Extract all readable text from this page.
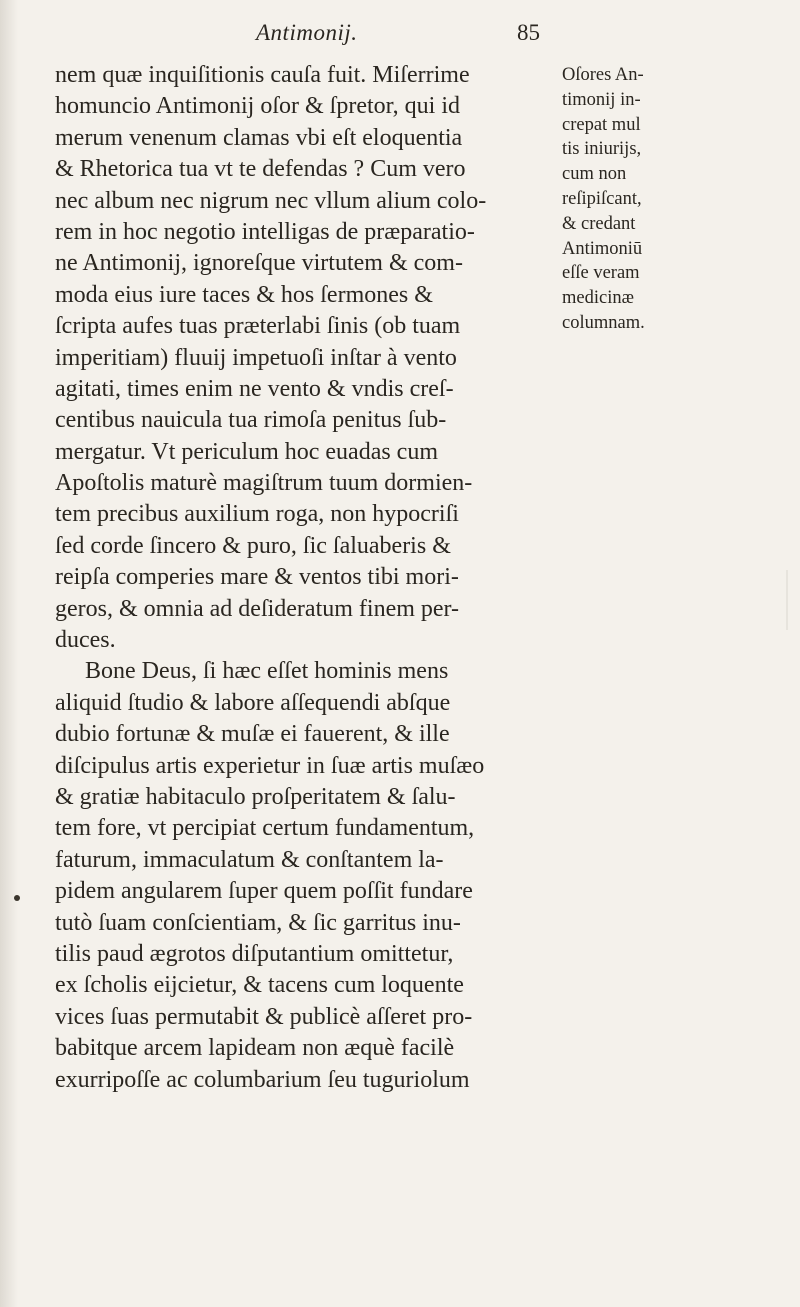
Antimonij.	85
nem quæ inquiſitionis cauſa fuit. Miſerrime
homuncio Antimonij oſor & ſpretor, qui id
merum venenum clamas vbi eſt eloquentia
& Rhetorica tua vt te defendas ? Cum vero
nec album nec nigrum nec vllum alium colo-
rem in hoc negotio intelligas de præparatio-
ne Antimonij, ignoreſque virtutem & com-
moda eius iure taces & hos ſermones &
ſcripta aufes tuas præterlabi ſinis (ob tuam
imperitiam) fluuij impetuoſi inſtar à vento
agitati, times enim ne vento & vndis creſ-
centibus nauicula tua rimoſa penitus ſub-
mergatur. Vt periculum hoc euadas cum
Apoſtolis maturè magiſtrum tuum dormien-
tem precibus auxilium roga, non hypocriſi
ſed corde ſincero & puro, ſic ſaluaberis &
reipſa comperies mare & ventos tibi mori-
geros, & omnia ad deſideratum finem per-
duces.
Bone Deus, ſi hæc eſſet hominis mens
aliquid ſtudio & labore aſſequendi abſque
dubio fortunæ & muſæ ei fauerent, & ille
diſcipulus artis experietur in ſuæ artis muſæo
& gratiæ habitaculo proſperitatem & ſalu-
tem fore, vt percipiat certum fundamentum,
faturum, immaculatum & conſtantem la-
pidem angularem ſuper quem poſſit fundare
tutò ſuam conſcientiam, & ſic garritus inu-
tilis paud ægrotos diſputantium omittetur,
ex ſcholis eijcietur, & tacens cum loquente
vices ſuas permutabit & publicè aſſeret pro-
babitque arcem lapideam non æquè facilè
exurripoſſe ac columbarium ſeu tuguriolum
Oſores An-
timonij in-
crepat mul
tis iniurijs,
cum non
reſipiſcant,
& credant
Antimoniū
eſſe veram
medicinæ
columnam.
